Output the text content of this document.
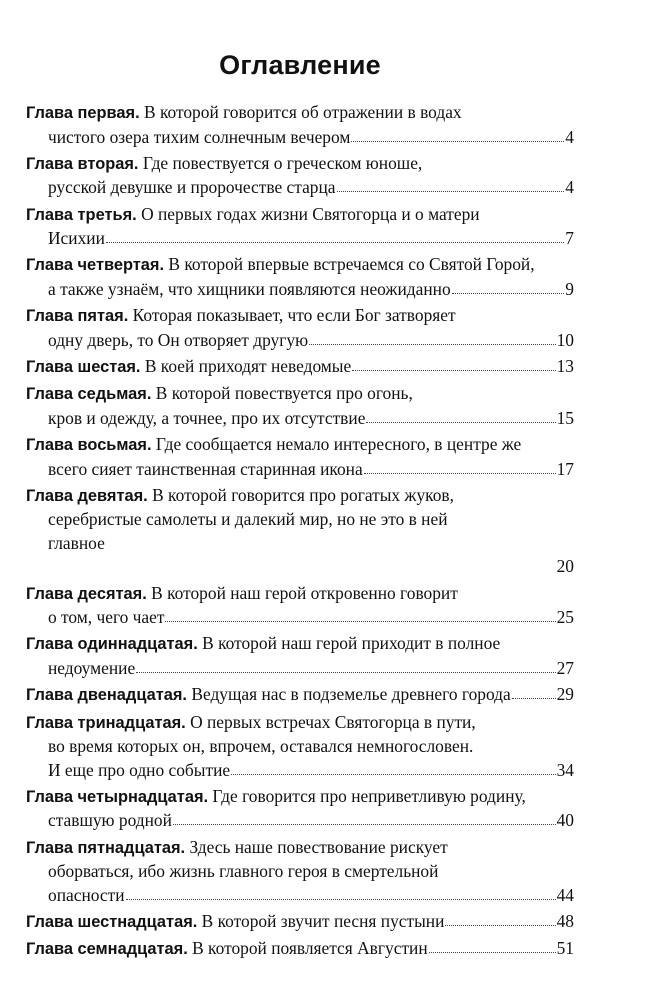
Оглавление
Глава первая. В которой говорится об отражении в водах
чистого озера тихим солнечным вечером	4
Глава вторая. Где повествуется о греческом юноше,
русской девушке и пророчестве старца	4
Глава третья. О первых годах жизни Святогорца и о матери
Исихии	7
Глава четвертая. В которой впервые встречаемся со Святой Горой,
а также узнаём, что хищники появляются неожиданно	9
Глава пятая. Которая показывает, что если Бог затворяет
одну дверь, то Он отворяет другую	10
Глава шестая. В коей приходят неведомые	13
Глава седьмая. В которой повествуется про огонь,
кров и одежду, а точнее, про их отсутствие	15
Глава восьмая. Где сообщается немало интересного, в центре же
всего сияет таинственная старинная икона	17
Глава девятая. В которой говорится про рогатых жуков,
серебристые самолеты и далекий мир, но не это в ней
главное
20
Глава десятая. В которой наш герой откровенно говорит
о том, чего чает	25
Глава одиннадцатая. В которой наш герой приходит в полное
недоумение	27
Глава двенадцатая. Ведущая нас в подземелье древнего города	29
Глава тринадцатая. О первых встречах Святогорца в пути,
во время которых он, впрочем, оставался немногословен.
И еще про одно событие	34
Глава четырнадцатая. Где говорится про неприветливую родину,
ставшую родной	40
Глава пятнадцатая. Здесь наше повествование рискует
оборваться, ибо жизнь главного героя в смертельной
опасности	44
Глава шестнадцатая. В которой звучит песня пустыни	48
Глава семнадцатая. В которой появляется Августин	51
